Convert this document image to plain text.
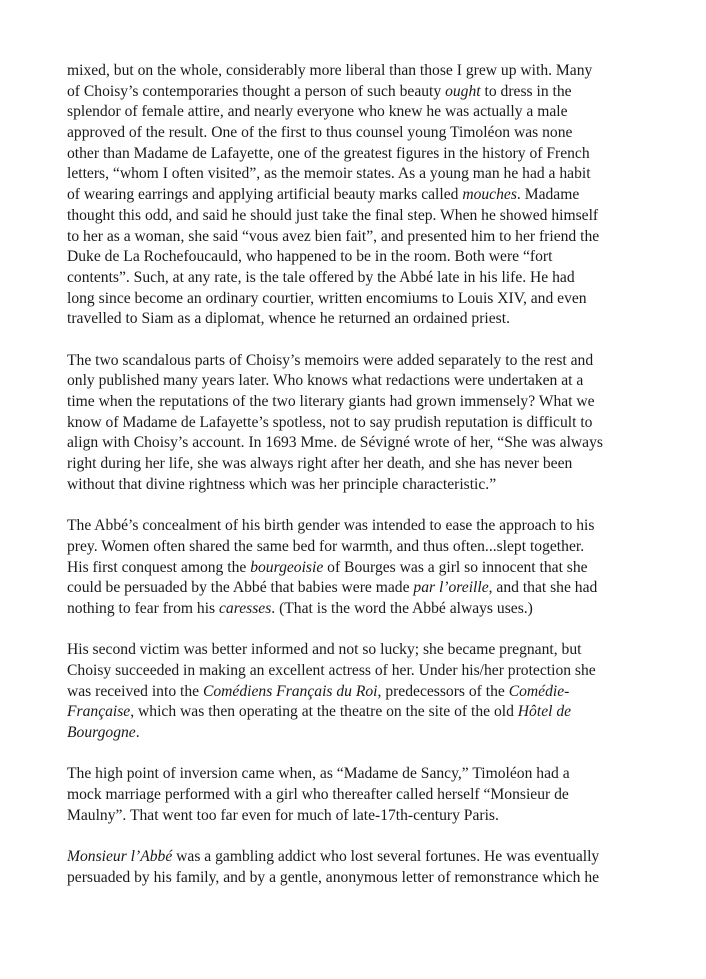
mixed, but on the whole, considerably more liberal than those I grew up with. Many
of Choisy’s contemporaries thought a person of such beauty ought to dress in the
splendor of female attire, and nearly everyone who knew he was actually a male
approved of the result. One of the first to thus counsel young Timoléon was none
other than Madame de Lafayette, one of the greatest figures in the history of French
letters, “whom I often visited”, as the memoir states. As a young man he had a habit
of wearing earrings and applying artificial beauty marks called mouches. Madame
thought this odd, and said he should just take the final step. When he showed himself
to her as a woman, she said “vous avez bien fait”, and presented him to her friend the
Duke de La Rochefoucauld, who happened to be in the room. Both were “fort
contents”. Such, at any rate, is the tale offered by the Abbé late in his life. He had
long since become an ordinary courtier, written encomiums to Louis XIV, and even
travelled to Siam as a diplomat, whence he returned an ordained priest.

The two scandalous parts of Choisy’s memoirs were added separately to the rest and
only published many years later. Who knows what redactions were undertaken at a
time when the reputations of the two literary giants had grown immensely? What we
know of Madame de Lafayette’s spotless, not to say prudish reputation is difficult to
align with Choisy’s account. In 1693 Mme. de Sévigné wrote of her, “She was always
right during her life, she was always right after her death, and she has never been
without that divine rightness which was her principle characteristic.”

The Abbé’s concealment of his birth gender was intended to ease the approach to his
prey. Women often shared the same bed for warmth, and thus often...slept together.
His first conquest among the bourgeoisie of Bourges was a girl so innocent that she
could be persuaded by the Abbé that babies were made par l’oreille, and that she had
nothing to fear from his caresses. (That is the word the Abbé always uses.)

His second victim was better informed and not so lucky; she became pregnant, but
Choisy succeeded in making an excellent actress of her. Under his/her protection she
was received into the Comédiens Français du Roi, predecessors of the Comédie-
Française, which was then operating at the theatre on the site of the old Hôtel de
Bourgogne.

The high point of inversion came when, as “Madame de Sancy,” Timoléon had a
mock marriage performed with a girl who thereafter called herself “Monsieur de
Maulny”. That went too far even for much of late-17th-century Paris.

Monsieur l’Abbé was a gambling addict who lost several fortunes. He was eventually
persuaded by his family, and by a gentle, anonymous letter of remonstrance which he
